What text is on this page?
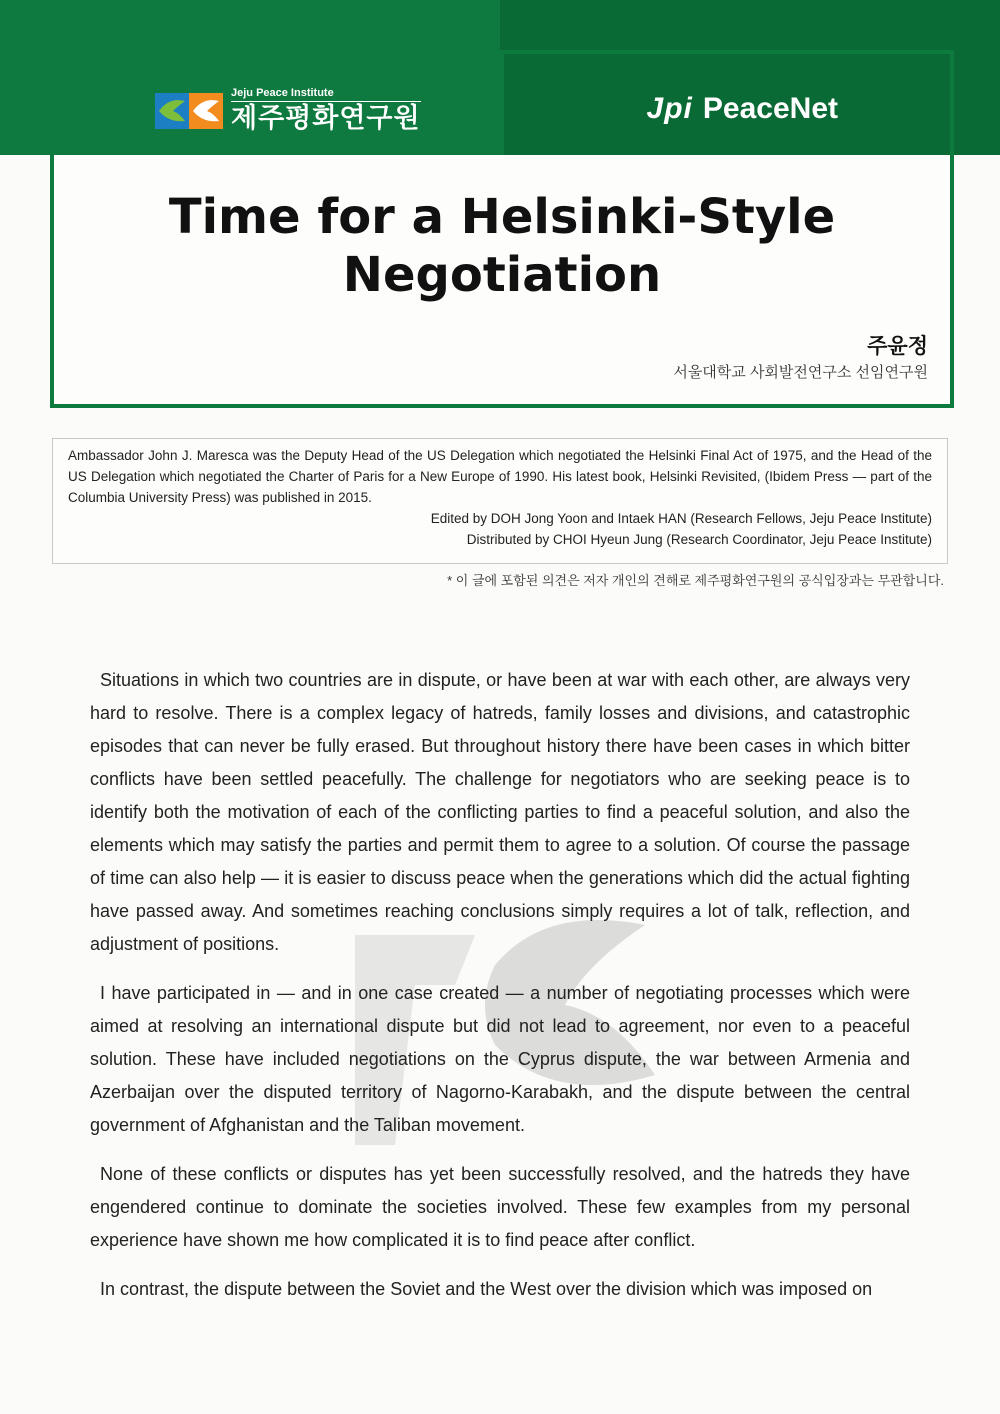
Jeju Peace Institute
제주평화연구원	Jpi PeaceNet
Time for a Helsinki-Style
Negotiation
주윤정
서울대학교 사회발전연구소 선임연구원
Ambassador John J. Maresca was the Deputy Head of the US Delegation which negotiated the Helsinki Final Act of 1975, and the Head of the US Delegation which negotiated the Charter of Paris for a New Europe of 1990. His latest book, Helsinki Revisited, (Ibidem Press — part of the Columbia University Press) was published in 2015.
Edited by DOH Jong Yoon and Intaek HAN (Research Fellows, Jeju Peace Institute)
Distributed by CHOI Hyeun Jung (Research Coordinator, Jeju Peace Institute)
* 이 글에 포함된 의견은 저자 개인의 견해로 제주평화연구원의 공식입장과는 무관합니다.

Situations in which two countries are in dispute, or have been at war with each other, are always very hard to resolve. There is a complex legacy of hatreds, family losses and divisions, and catastrophic episodes that can never be fully erased. But throughout history there have been cases in which bitter conflicts have been settled peacefully. The challenge for negotiators who are seeking peace is to identify both the motivation of each of the conflicting parties to find a peaceful solution, and also the elements which may satisfy the parties and permit them to agree to a solution. Of course the passage of time can also help — it is easier to discuss peace when the generations which did the actual fighting have passed away. And sometimes reaching conclusions simply requires a lot of talk, reflection, and adjustment of positions.

I have participated in — and in one case created — a number of negotiating processes which were aimed at resolving an international dispute but did not lead to agreement, nor even to a peaceful solution. These have included negotiations on the Cyprus dispute, the war between Armenia and Azerbaijan over the disputed territory of Nagorno-Karabakh, and the dispute between the central government of Afghanistan and the Taliban movement.

None of these conflicts or disputes has yet been successfully resolved, and the hatreds they have engendered continue to dominate the societies involved. These few examples from my personal experience have shown me how complicated it is to find peace after conflict.

In contrast, the dispute between the Soviet and the West over the division which was imposed on
